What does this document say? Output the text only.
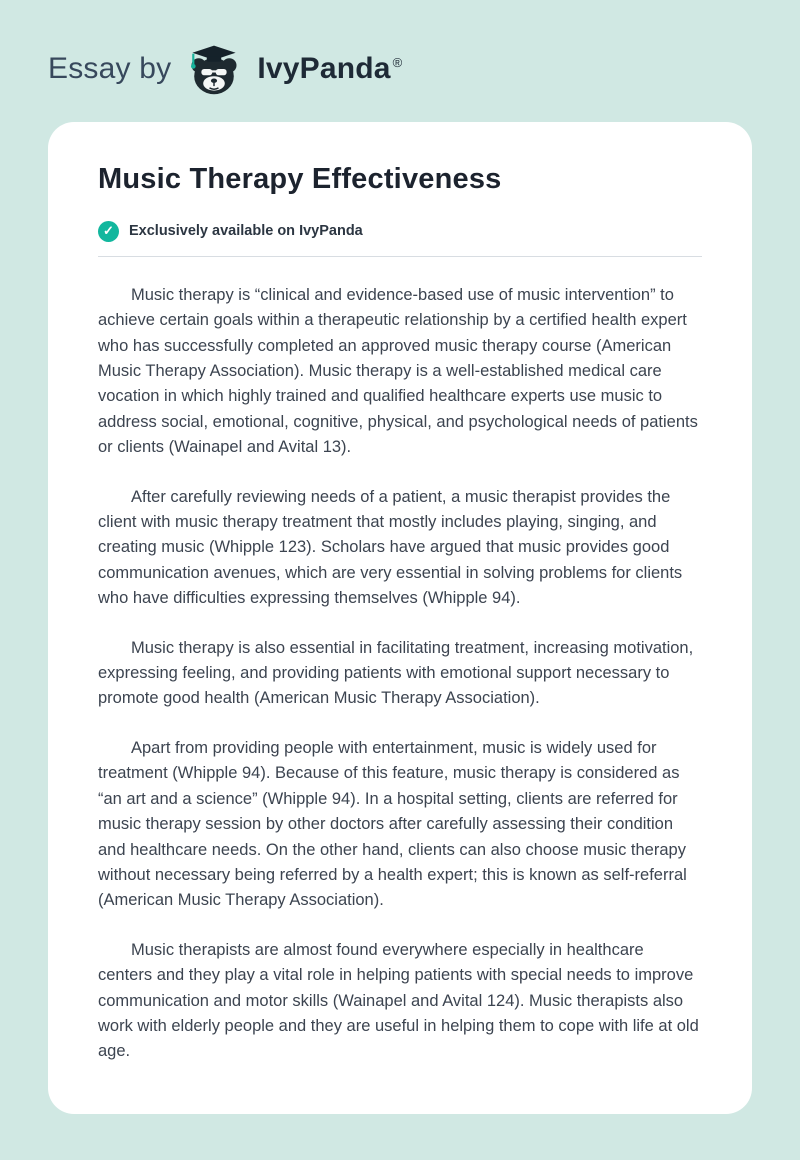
Essay by	IvyPanda®
Music Therapy Effectiveness
✓	Exclusively available on IvyPanda

Music therapy is “clinical and evidence-based use of music intervention” to achieve certain goals within a therapeutic relationship by a certified health expert who has successfully completed an approved music therapy course (American Music Therapy Association). Music therapy is a well-established medical care vocation in which highly trained and qualified healthcare experts use music to address social, emotional, cognitive, physical, and psychological needs of patients or clients (Wainapel and Avital 13).

After carefully reviewing needs of a patient, a music therapist provides the client with music therapy treatment that mostly includes playing, singing, and creating music (Whipple 123). Scholars have argued that music provides good communication avenues, which are very essential in solving problems for clients who have difficulties expressing themselves (Whipple 94).

Music therapy is also essential in facilitating treatment, increasing motivation, expressing feeling, and providing patients with emotional support necessary to promote good health (American Music Therapy Association).

Apart from providing people with entertainment, music is widely used for treatment (Whipple 94). Because of this feature, music therapy is considered as “an art and a science” (Whipple 94). In a hospital setting, clients are referred for music therapy session by other doctors after carefully assessing their condition and healthcare needs. On the other hand, clients can also choose music therapy without necessary being referred by a health expert; this is known as self-referral (American Music Therapy Association).

Music therapists are almost found everywhere especially in healthcare centers and they play a vital role in helping patients with special needs to improve communication and motor skills (Wainapel and Avital 124). Music therapists also work with elderly people and they are useful in helping them to cope with life at old age.
